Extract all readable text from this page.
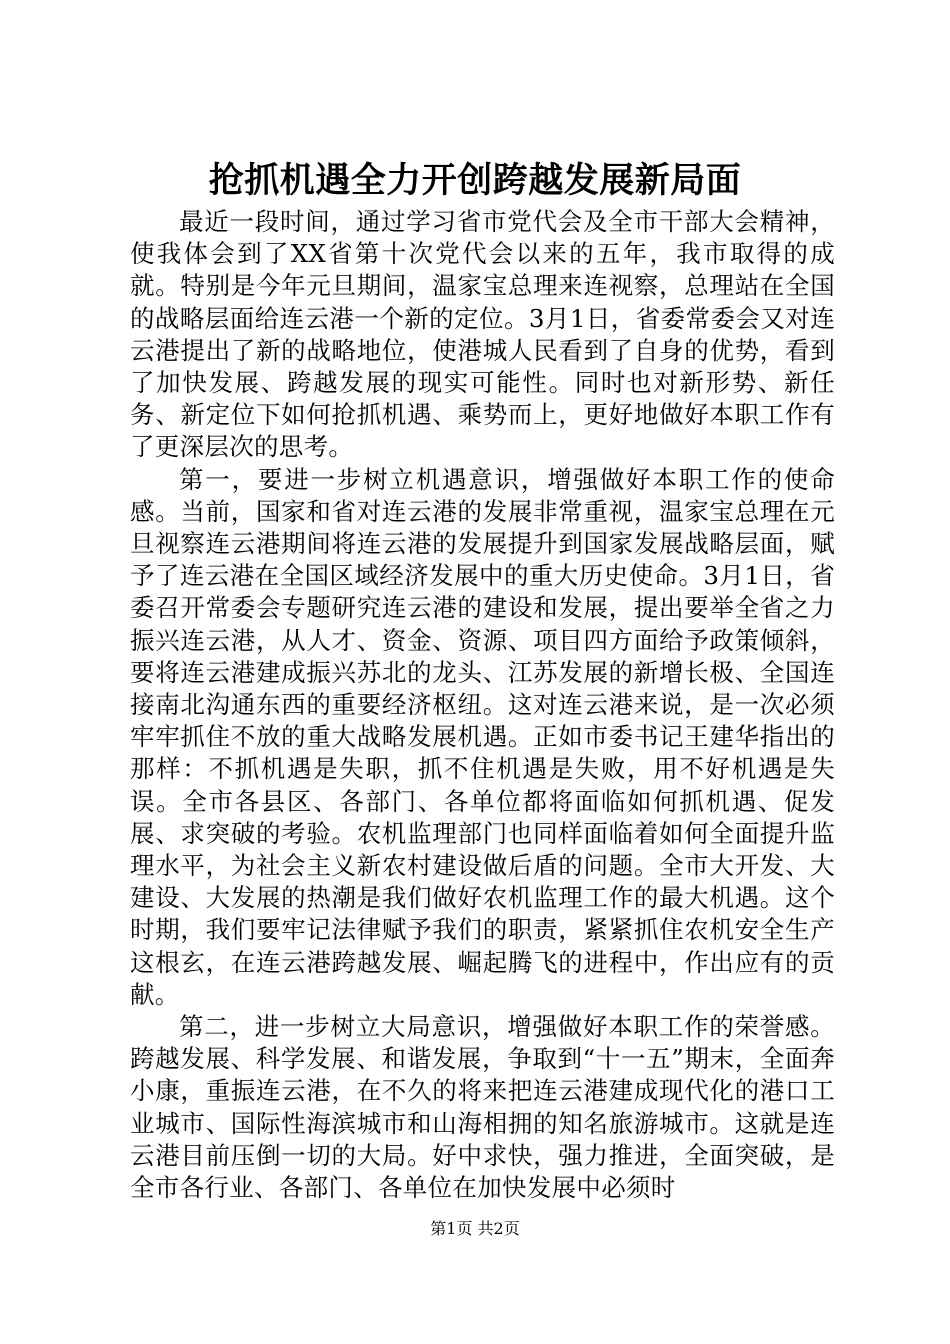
抢抓机遇全力开创跨越发展新局面

最近一段时间，通过学习省市党代会及全市干部大会精神，使我体会到了XX省第十次党代会以来的五年，我市取得的成就。特别是今年元旦期间，温家宝总理来连视察，总理站在全国的战略层面给连云港一个新的定位。3月1日，省委常委会又对连云港提出了新的战略地位，使港城人民看到了自身的优势，看到了加快发展、跨越发展的现实可能性。同时也对新形势、新任务、新定位下如何抢抓机遇、乘势而上，更好地做好本职工作有了更深层次的思考。

第一，要进一步树立机遇意识，增强做好本职工作的使命感。当前，国家和省对连云港的发展非常重视，温家宝总理在元旦视察连云港期间将连云港的发展提升到国家发展战略层面，赋予了连云港在全国区域经济发展中的重大历史使命。3月1日，省委召开常委会专题研究连云港的建设和发展，提出要举全省之力振兴连云港，从人才、资金、资源、项目四方面给予政策倾斜，要将连云港建成振兴苏北的龙头、江苏发展的新增长极、全国连接南北沟通东西的重要经济枢纽。这对连云港来说，是一次必须牢牢抓住不放的重大战略发展机遇。正如市委书记王建华指出的那样：不抓机遇是失职，抓不住机遇是失败，用不好机遇是失误。全市各县区、各部门、各单位都将面临如何抓机遇、促发展、求突破的考验。农机监理部门也同样面临着如何全面提升监理水平，为社会主义新农村建设做后盾的问题。全市大开发、大建设、大发展的热潮是我们做好农机监理工作的最大机遇。这个时期，我们要牢记法律赋予我们的职责，紧紧抓住农机安全生产这根玄，在连云港跨越发展、崛起腾飞的进程中，作出应有的贡献。

第二，进一步树立大局意识，增强做好本职工作的荣誉感。跨越发展、科学发展、和谐发展，争取到“十一五”期末，全面奔小康，重振连云港，在不久的将来把连云港建成现代化的港口工业城市、国际性海滨城市和山海相拥的知名旅游城市。这就是连云港目前压倒一切的大局。好中求快，强力推进，全面突破，是全市各行业、各部门、各单位在加快发展中必须时

第1页 共2页
